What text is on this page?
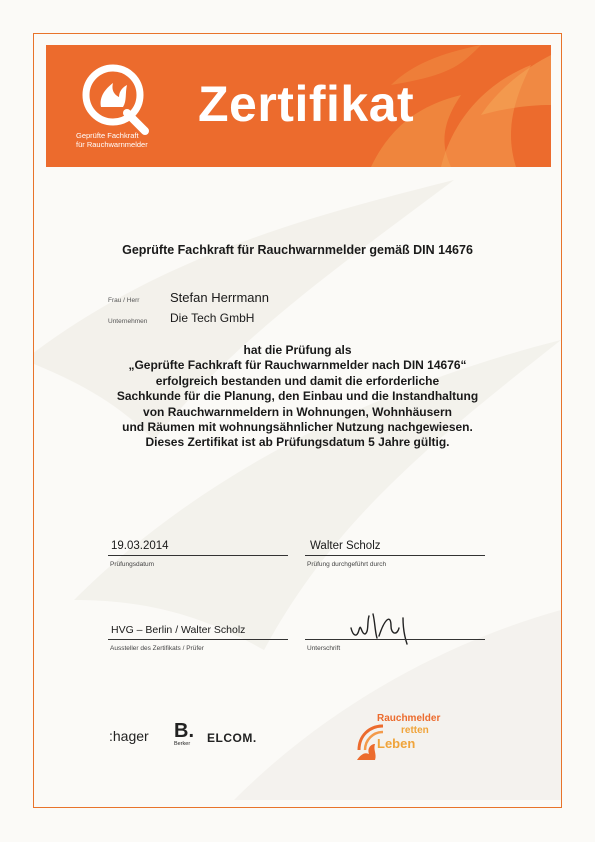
Geprüfte Fachkraft
für Rauchwarnmelder
Zertifikat
Geprüfte Fachkraft für Rauchwarnmelder gemäß DIN 14676
Frau / Herr Stefan Herrmann
Unternehmen Die Tech GmbH
hat die Prüfung als
„Geprüfte Fachkraft für Rauchwarnmelder nach DIN 14676“
erfolgreich bestanden und damit die erforderliche
Sachkunde für die Planung, den Einbau und die Instandhaltung
von Rauchwarnmeldern in Wohnungen, Wohnhäusern
und Räumen mit wohnungsähnlicher Nutzung nachgewiesen.
Dieses Zertifikat ist ab Prüfungsdatum 5 Jahre gültig.
19.03.2014
Prüfungsdatum
Walter Scholz
Prüfung durchgeführt durch
HVG – Berlin / Walter Scholz
Aussteller des Zertifikats / Prüfer	Unterschrift
:hager B.
Berker ELCOM.
Rauchmelder
retten
Leben
